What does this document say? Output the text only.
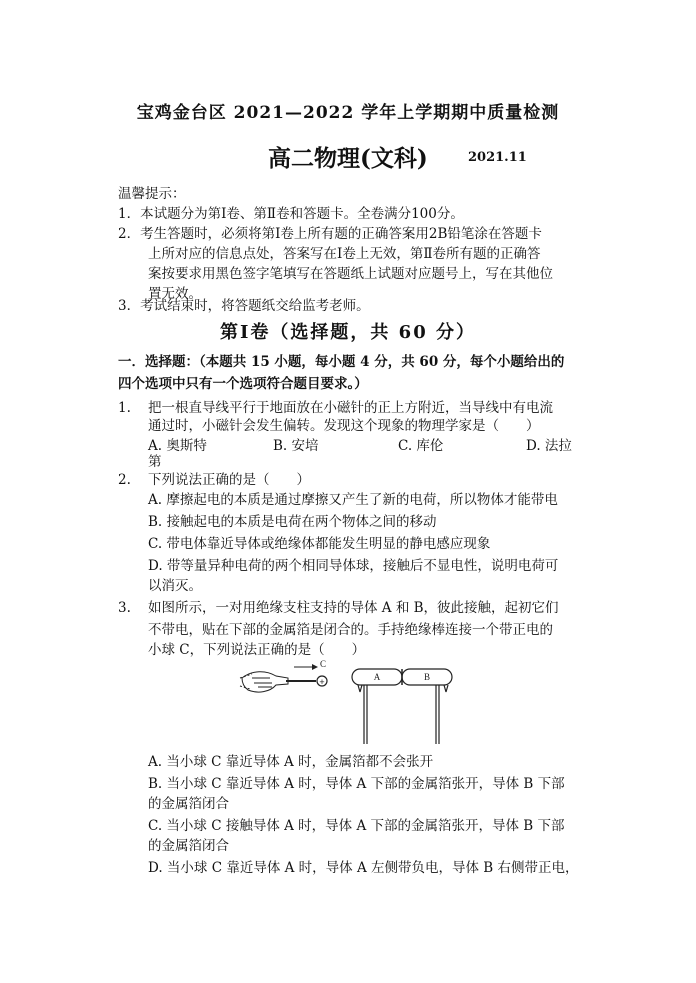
宝鸡金台区 2021—2022 学年上学期期中质量检测
高二物理(文科)	2021.11
温馨提示：
1．本试题分为第Ⅰ卷、第Ⅱ卷和答题卡。全卷满分100分。
2．考生答题时，必须将第Ⅰ卷上所有题的正确答案用2B铅笔涂在答题卡
上所对应的信息点处，答案写在Ⅰ卷上无效，第Ⅱ卷所有题的正确答
案按要求用黑色签字笔填写在答题纸上试题对应题号上，写在其他位
置无效。
3．考试结束时，将答题纸交给监考老师。
第Ⅰ卷（选择题，共 60 分）
一．选择题：（本题共 15 小题，每小题 4 分，共 60 分，每个小题给出的
四个选项中只有一个选项符合题目要求。）
1. 把一根直导线平行于地面放在小磁针的正上方附近，当导线中有电流
通过时，小磁针会发生偏转。发现这个现象的物理学家是（　　）
A. 奥斯特	B. 安培	C. 库伦	D. 法拉
第
2. 下列说法正确的是（　　）
A. 摩擦起电的本质是通过摩擦又产生了新的电荷，所以物体才能带电
B. 接触起电的本质是电荷在两个物体之间的移动
C. 带电体靠近导体或绝缘体都能发生明显的静电感应现象
D. 带等量异种电荷的两个相同导体球，接触后不显电性，说明电荷可
以消灭。
3. 如图所示，一对用绝缘支柱支持的导体 A 和 B，彼此接触，起初它们
不带电，贴在下部的金属箔是闭合的。手持绝缘棒连接一个带正电的
小球 C，下列说法正确的是（　　）
+
C
A	B
A. 当小球 C 靠近导体 A 时，金属箔都不会张开
B. 当小球 C 靠近导体 A 时，导体 A 下部的金属箔张开，导体 B 下部
的金属箔闭合
C. 当小球 C 接触导体 A 时，导体 A 下部的金属箔张开，导体 B 下部
的金属箔闭合
D. 当小球 C 靠近导体 A 时，导体 A 左侧带负电，导体 B 右侧带正电，
